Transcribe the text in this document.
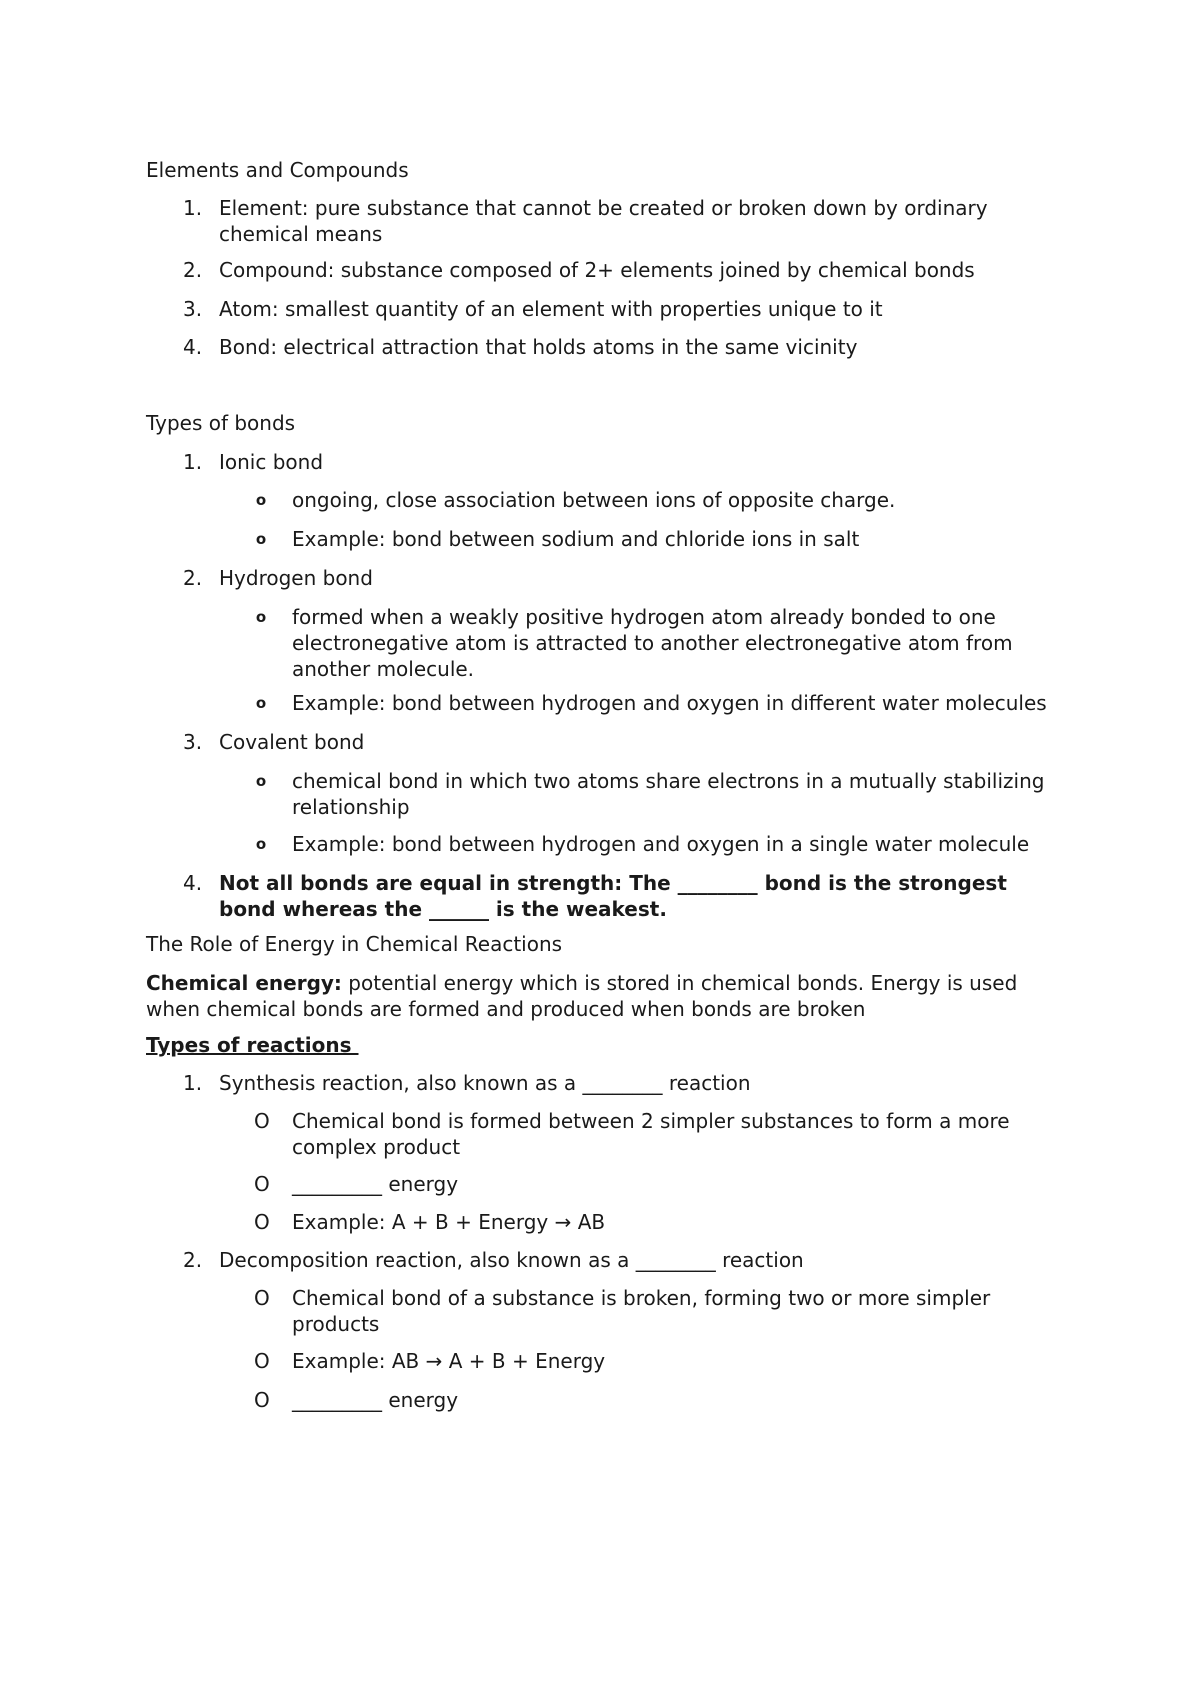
Elements and Compounds
1. Element: pure substance that cannot be created or broken down by ordinary chemical means
2. Compound: substance composed of 2+ elements joined by chemical bonds
3. Atom: smallest quantity of an element with properties unique to it
4. Bond: electrical attraction that holds atoms in the same vicinity
Types of bonds
1. Ionic bond
o ongoing, close association between ions of opposite charge.
o Example: bond between sodium and chloride ions in salt
2. Hydrogen bond
o formed when a weakly positive hydrogen atom already bonded to one electronegative atom is attracted to another electronegative atom from another molecule.
o Example: bond between hydrogen and oxygen in different water molecules
3. Covalent bond
o chemical bond in which two atoms share electrons in a mutually stabilizing relationship
o Example: bond between hydrogen and oxygen in a single water molecule
4. Not all bonds are equal in strength: The ________ bond is the strongest bond whereas the ______ is the weakest.
The Role of Energy in Chemical Reactions

Chemical energy: potential energy which is stored in chemical bonds. Energy is used when chemical bonds are formed and produced when bonds are broken

Types of reactions
1. Synthesis reaction, also known as a ________ reaction
O Chemical bond is formed between 2 simpler substances to form a more complex product
O _________ energy
O Example: A + B + Energy → AB
2. Decomposition reaction, also known as a ________ reaction
O Chemical bond of a substance is broken, forming two or more simpler products
O Example: AB → A + B + Energy
O _________ energy
